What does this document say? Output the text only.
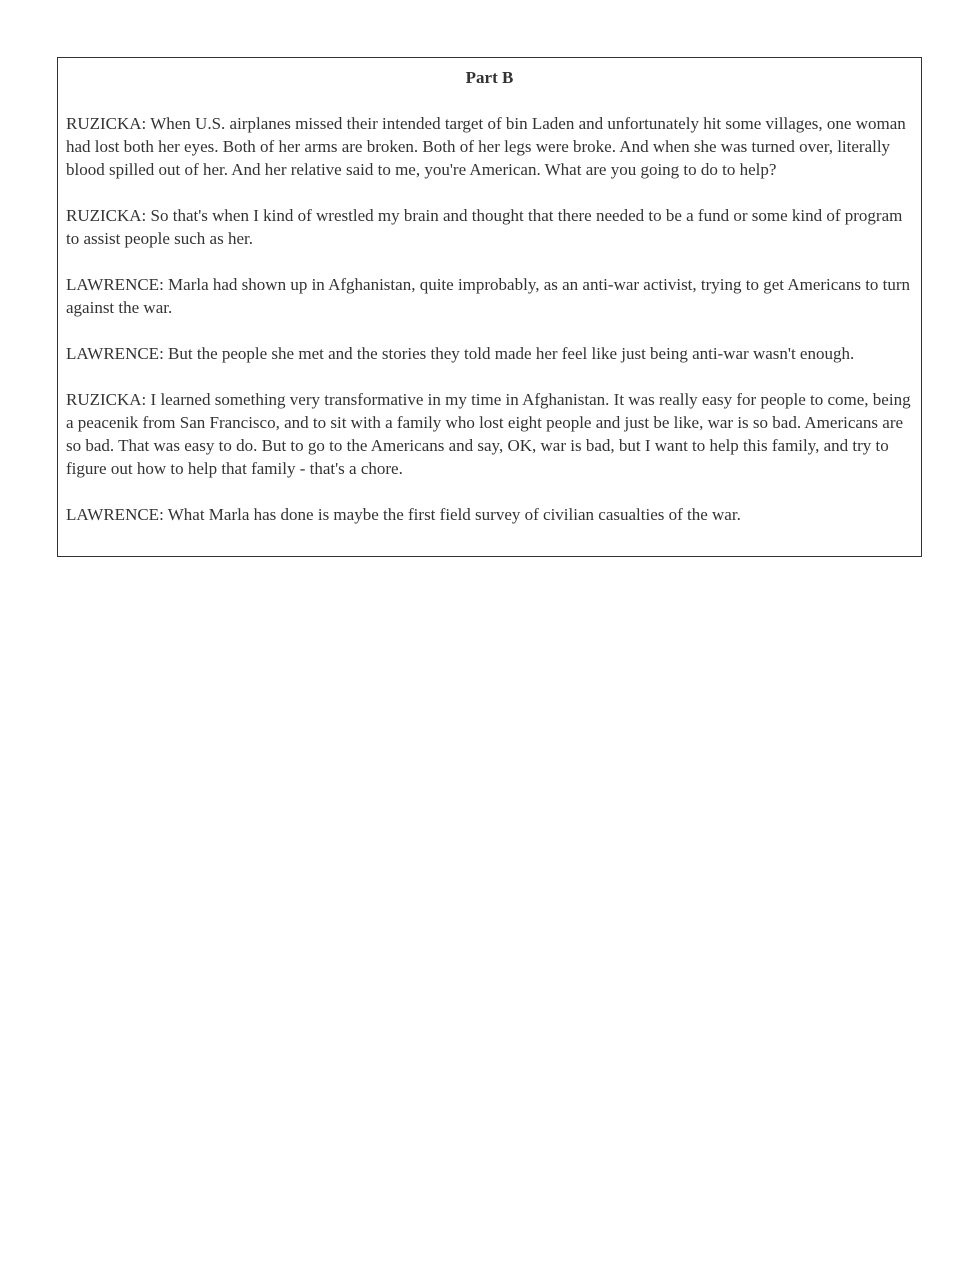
Part B

RUZICKA: When U.S. airplanes missed their intended target of bin Laden and unfortunately hit some villages, one woman had lost both her eyes. Both of her arms are broken. Both of her legs were broke. And when she was turned over, literally blood spilled out of her. And her relative said to me, you're American. What are you going to do to help?

RUZICKA: So that's when I kind of wrestled my brain and thought that there needed to be a fund or some kind of program to assist people such as her.

LAWRENCE: Marla had shown up in Afghanistan, quite improbably, as an anti-war activist, trying to get Americans to turn against the war.

LAWRENCE: But the people she met and the stories they told made her feel like just being anti-war wasn't enough.

RUZICKA: I learned something very transformative in my time in Afghanistan. It was really easy for people to come, being a peacenik from San Francisco, and to sit with a family who lost eight people and just be like, war is so bad. Americans are so bad. That was easy to do. But to go to the Americans and say, OK, war is bad, but I want to help this family, and try to figure out how to help that family - that's a chore.

LAWRENCE: What Marla has done is maybe the first field survey of civilian casualties of the war.
